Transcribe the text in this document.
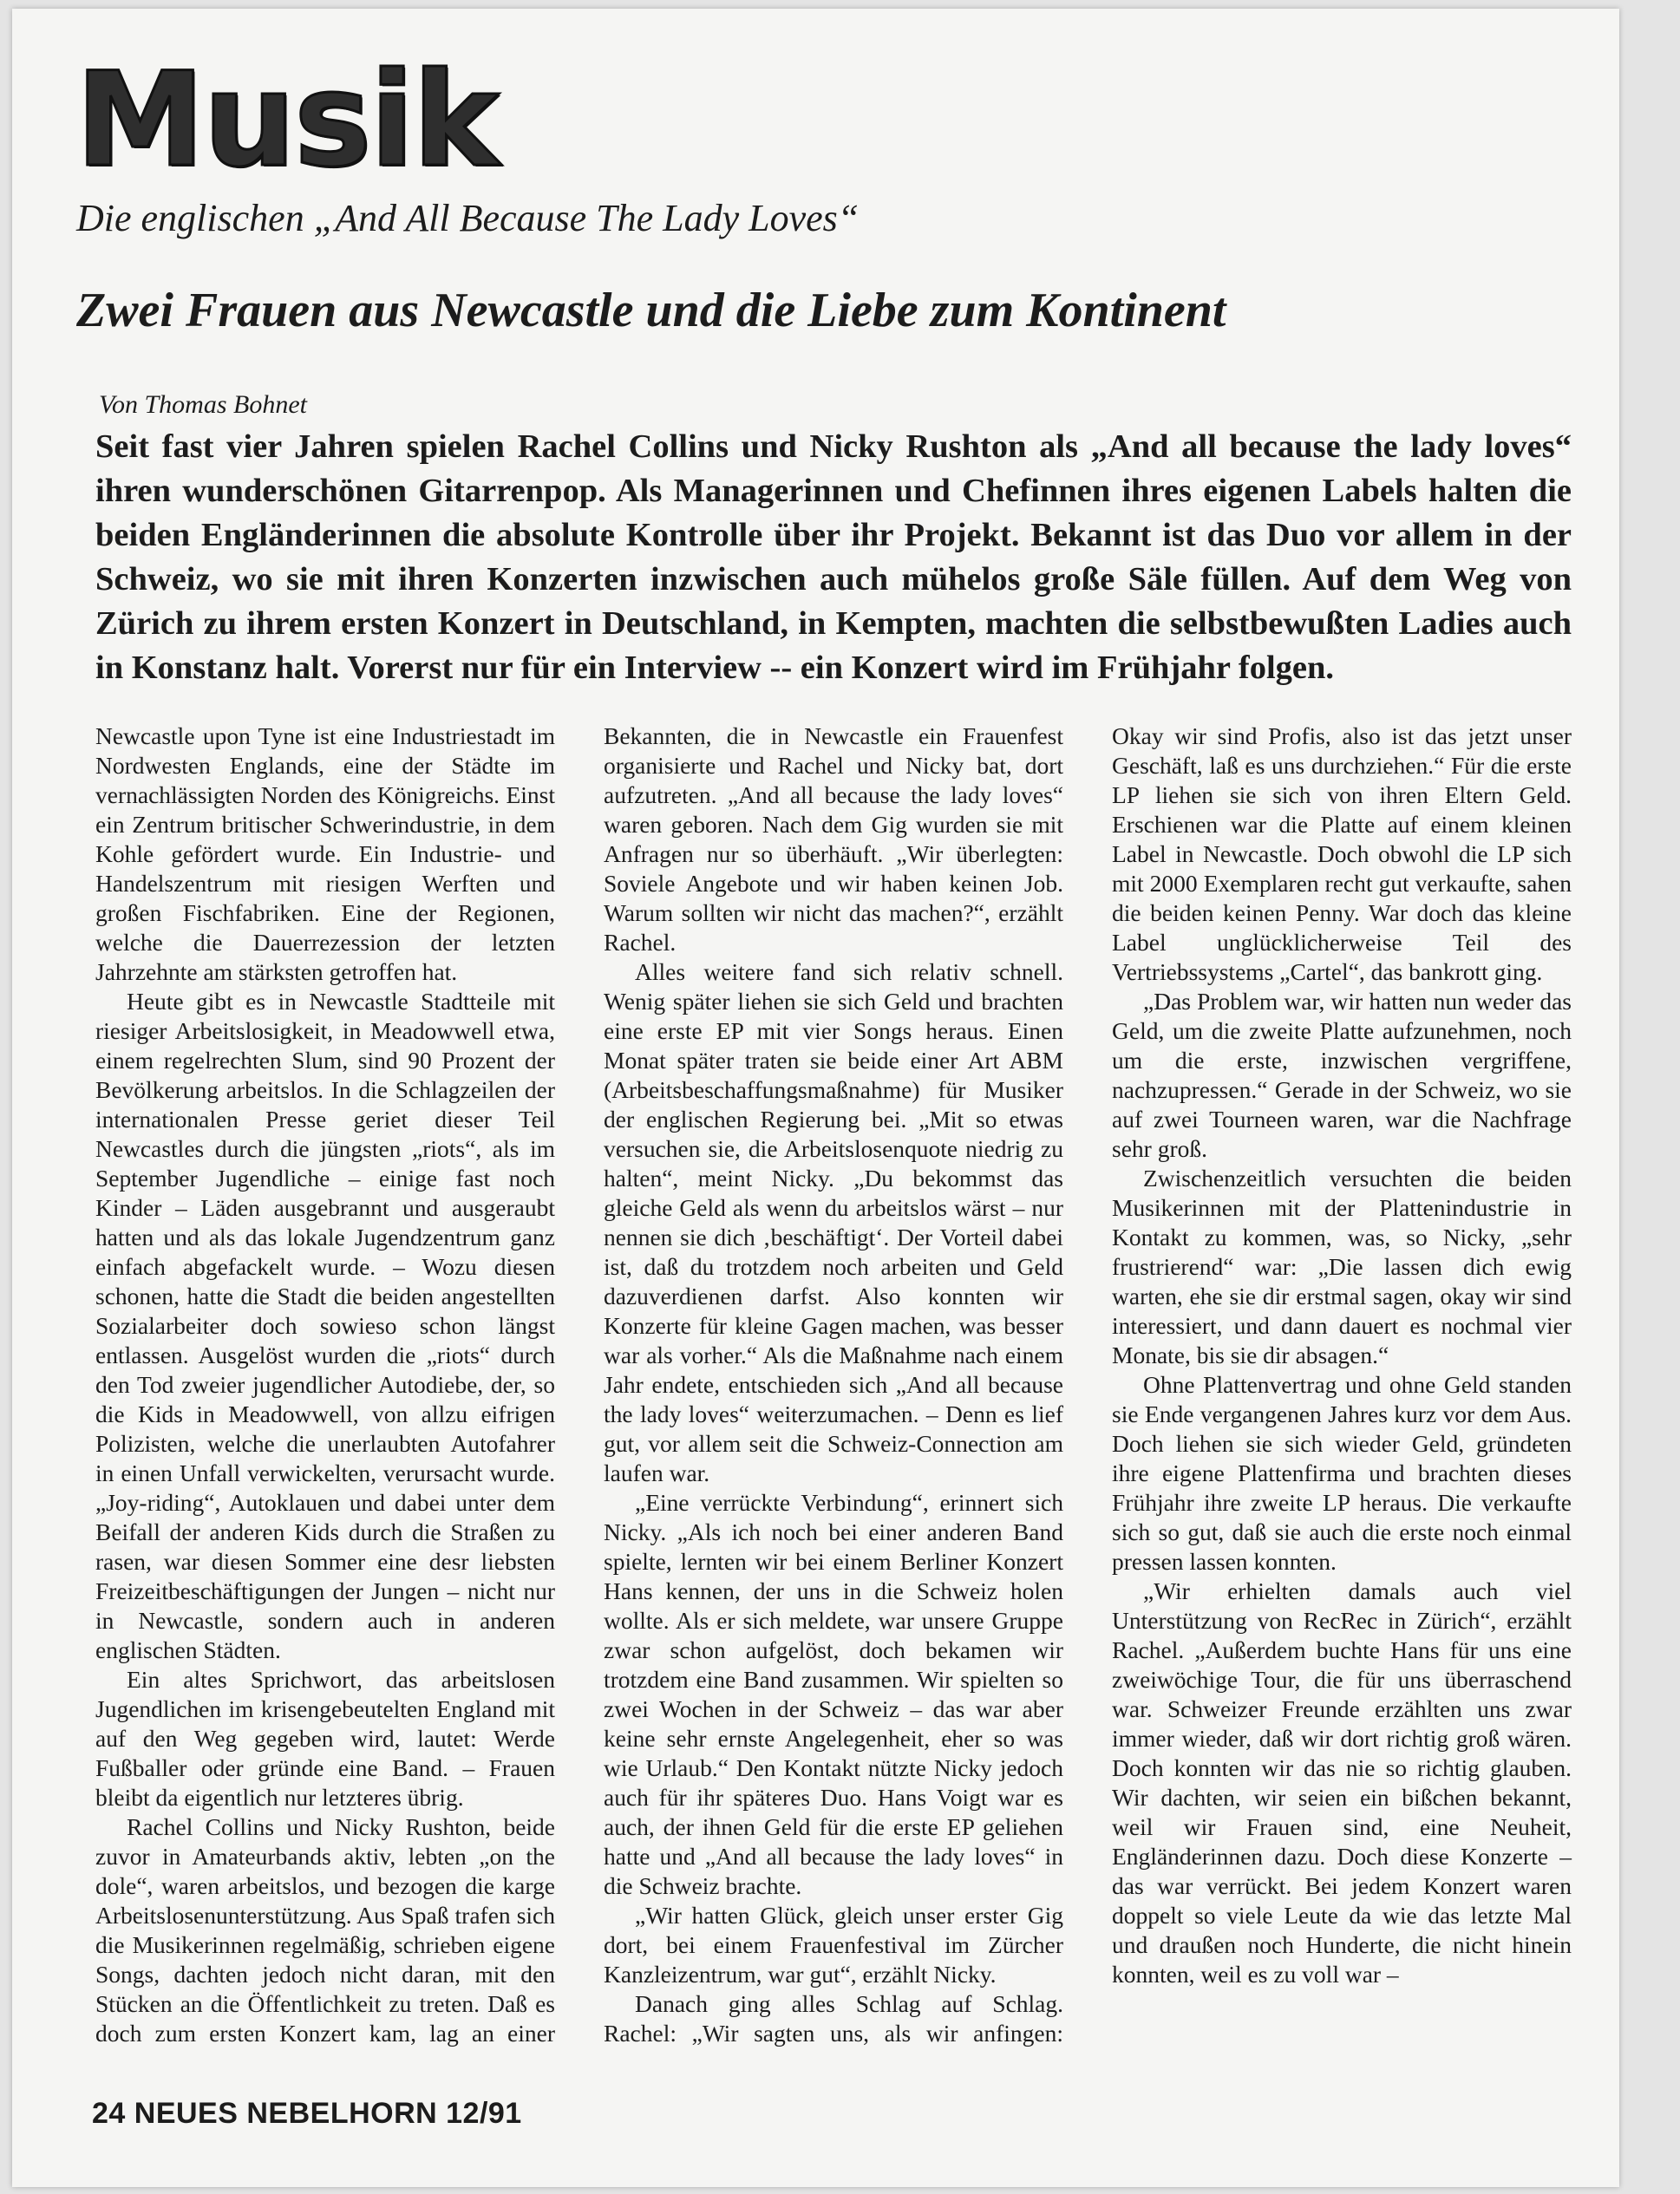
Musik
Die englischen „And All Because The Lady Loves“
Zwei Frauen aus Newcastle und die Liebe zum Kontinent
Von Thomas Bohnet
Seit fast vier Jahren spielen Rachel Collins und Nicky Rushton als „And all because the lady loves“ ihren wunderschönen Gitarrenpop. Als Managerinnen und Chefinnen ihres eigenen Labels halten die beiden Engländerinnen die absolute Kontrolle über ihr Projekt. Bekannt ist das Duo vor allem in der Schweiz, wo sie mit ihren Konzerten inzwischen auch mühelos große Säle füllen. Auf dem Weg von Zürich zu ihrem ersten Konzert in Deutschland, in Kempten, machten die selbstbewußten Ladies auch in Konstanz halt. Vorerst nur für ein Interview -- ein Konzert wird im Frühjahr folgen.

Newcastle upon Tyne ist eine Industriestadt im Nordwesten Englands, eine der Städte im vernachlässigten Norden des Königreichs. Einst ein Zentrum britischer Schwerindustrie, in dem Kohle gefördert wurde. Ein Industrie- und Handelszentrum mit riesigen Werften und großen Fischfabriken. Eine der Regionen, welche die Dauerrezession der letzten Jahrzehnte am stärksten getroffen hat.

Heute gibt es in Newcastle Stadtteile mit riesiger Arbeitslosigkeit, in Meadowwell etwa, einem regelrechten Slum, sind 90 Prozent der Bevölkerung arbeitslos. In die Schlagzeilen der internationalen Presse geriet dieser Teil Newcastles durch die jüngsten „riots“, als im September Jugendliche – einige fast noch Kinder – Läden ausgebrannt und ausgeraubt hatten und als das lokale Jugendzentrum ganz einfach abgefackelt wurde. – Wozu diesen schonen, hatte die Stadt die beiden angestellten Sozialarbeiter doch sowieso schon längst entlassen. Ausgelöst wurden die „riots“ durch den Tod zweier jugendlicher Autodiebe, der, so die Kids in Meadowwell, von allzu eifrigen Polizisten, welche die unerlaubten Autofahrer in einen Unfall verwickelten, verursacht wurde. „Joy-riding“, Autoklauen und dabei unter dem Beifall der anderen Kids durch die Straßen zu rasen, war diesen Sommer eine desr liebsten Freizeitbeschäftigungen der Jungen – nicht nur in Newcastle, sondern auch in anderen englischen Städten.

Ein altes Sprichwort, das arbeitslosen Jugendlichen im krisengebeutelten England mit auf den Weg gegeben wird, lautet: Werde Fußballer oder gründe eine Band. – Frauen bleibt da eigentlich nur letzteres übrig.

Rachel Collins und Nicky Rushton, beide zuvor in Amateurbands aktiv, lebten „on the dole“, waren arbeitslos, und bezogen die karge Arbeitslosenunterstützung. Aus Spaß trafen sich die Musikerinnen regelmäßig, schrieben eigene Songs, dachten jedoch nicht daran, mit den Stücken an die Öffentlichkeit zu treten. Daß es doch zum ersten Konzert kam, lag an einer Bekannten, die in Newcastle ein Frauenfest organisierte und Rachel und Nicky bat, dort aufzutreten. „And all because the lady loves“ waren geboren. Nach dem Gig wurden sie mit Anfragen nur so überhäuft. „Wir überlegten: Soviele Angebote und wir haben keinen Job. Warum sollten wir nicht das machen?“, erzählt Rachel.

Alles weitere fand sich relativ schnell. Wenig später liehen sie sich Geld und brachten eine erste EP mit vier Songs heraus. Einen Monat später traten sie beide einer Art ABM (Arbeitsbeschaffungsmaßnahme) für Musiker der englischen Regierung bei. „Mit so etwas versuchen sie, die Arbeitslosenquote niedrig zu halten“, meint Nicky. „Du bekommst das gleiche Geld als wenn du arbeitslos wärst – nur nennen sie dich ‚beschäftigt‘. Der Vorteil dabei ist, daß du trotzdem noch arbeiten und Geld dazuverdienen darfst. Also konnten wir Konzerte für kleine Gagen machen, was besser war als vorher.“ Als die Maßnahme nach einem Jahr endete, entschieden sich „And all because the lady loves“ weiterzumachen. – Denn es lief gut, vor allem seit die Schweiz-Connection am laufen war.

„Eine verrückte Verbindung“, erinnert sich Nicky. „Als ich noch bei einer anderen Band spielte, lernten wir bei einem Berliner Konzert Hans kennen, der uns in die Schweiz holen wollte. Als er sich meldete, war unsere Gruppe zwar schon aufgelöst, doch bekamen wir trotzdem eine Band zusammen. Wir spielten so zwei Wochen in der Schweiz – das war aber keine sehr ernste Angelegenheit, eher so was wie Urlaub.“ Den Kontakt nützte Nicky jedoch auch für ihr späteres Duo. Hans Voigt war es auch, der ihnen Geld für die erste EP geliehen hatte und „And all because the lady loves“ in die Schweiz brachte.

„Wir hatten Glück, gleich unser erster Gig dort, bei einem Frauenfestival im Zürcher Kanzleizentrum, war gut“, erzählt Nicky.

Danach ging alles Schlag auf Schlag. Rachel: „Wir sagten uns, als wir anfingen: Okay wir sind Profis, also ist das jetzt unser Geschäft, laß es uns durchziehen.“ Für die erste LP liehen sie sich von ihren Eltern Geld. Erschienen war die Platte auf einem kleinen Label in Newcastle. Doch obwohl die LP sich mit 2000 Exemplaren recht gut verkaufte, sahen die beiden keinen Penny. War doch das kleine Label unglücklicherweise Teil des Vertriebssystems „Cartel“, das bankrott ging.

„Das Problem war, wir hatten nun weder das Geld, um die zweite Platte aufzunehmen, noch um die erste, inzwischen vergriffene, nachzupressen.“ Gerade in der Schweiz, wo sie auf zwei Tourneen waren, war die Nachfrage sehr groß.

Zwischenzeitlich versuchten die beiden Musikerinnen mit der Plattenindustrie in Kontakt zu kommen, was, so Nicky, „sehr frustrierend“ war: „Die lassen dich ewig warten, ehe sie dir erstmal sagen, okay wir sind interessiert, und dann dauert es nochmal vier Monate, bis sie dir absagen.“

Ohne Plattenvertrag und ohne Geld standen sie Ende vergangenen Jahres kurz vor dem Aus. Doch liehen sie sich wieder Geld, gründeten ihre eigene Plattenfirma und brachten dieses Frühjahr ihre zweite LP heraus. Die verkaufte sich so gut, daß sie auch die erste noch einmal pressen lassen konnten.

„Wir erhielten damals auch viel Unterstützung von RecRec in Zürich“, erzählt Rachel. „Außerdem buchte Hans für uns eine zweiwöchige Tour, die für uns überraschend war. Schweizer Freunde erzählten uns zwar immer wieder, daß wir dort richtig groß wären. Doch konnten wir das nie so richtig glauben. Wir dachten, wir seien ein bißchen bekannt, weil wir Frauen sind, eine Neuheit, Engländerinnen dazu. Doch diese Konzerte – das war verrückt. Bei jedem Konzert waren doppelt so viele Leute da wie das letzte Mal und draußen noch Hunderte, die nicht hinein konnten, weil es zu voll war –

24 NEUES NEBELHORN 12/91
